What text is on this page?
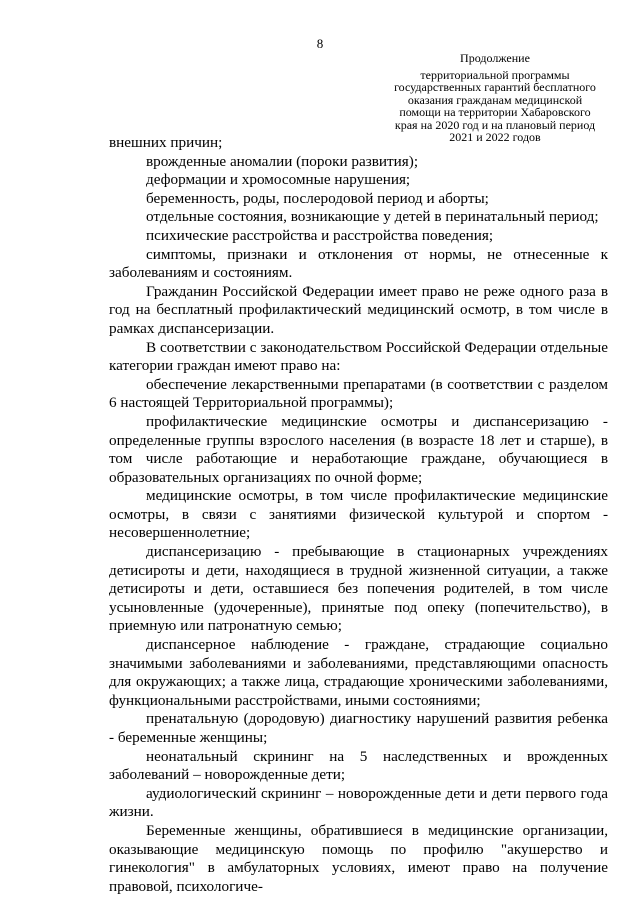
8
Продолжение
территориальной программы
государственных гарантий бесплатного
оказания гражданам медицинской
помощи на территории Хабаровского
края на 2020 год и на плановый период
2021 и 2022 годов

внешних причин;

врожденные аномалии (пороки развития);

деформации и хромосомные нарушения;

беременность, роды, послеродовой период и аборты;

отдельные состояния, возникающие у детей в перинатальный период;

психические расстройства и расстройства поведения;

симптомы, признаки и отклонения от нормы, не отнесенные к заболеваниям и состояниям.

Гражданин Российской Федерации имеет право не реже одного раза в год на бесплатный профилактический медицинский осмотр, в том числе в рамках диспансеризации.

В соответствии с законодательством Российской Федерации отдельные категории граждан имеют право на:

обеспечение лекарственными препаратами (в соответствии с разделом 6 настоящей Территориальной программы);

профилактические медицинские осмотры и диспансеризацию - определенные группы взрослого населения (в возрасте 18 лет и старше), в том числе работающие и неработающие граждане, обучающиеся в образовательных организациях по очной форме;

медицинские осмотры, в том числе профилактические медицинские осмотры, в связи с занятиями физической культурой и спортом - несовершеннолетние;

диспансеризацию - пребывающие в стационарных учреждениях детисироты и дети, находящиеся в трудной жизненной ситуации, а также детисироты и дети, оставшиеся без попечения родителей, в том числе усыновленные (удочеренные), принятые под опеку (попечительство), в приемную или патронатную семью;

диспансерное наблюдение - граждане, страдающие социально значимыми заболеваниями и заболеваниями, представляющими опасность для окружающих; а также лица, страдающие хроническими заболеваниями, функциональными расстройствами, иными состояниями;

пренатальную (дородовую) диагностику нарушений развития ребенка - беременные женщины;

неонатальный скрининг на 5 наследственных и врожденных заболеваний – новорожденные дети;

аудиологический скрининг – новорожденные дети и дети первого года жизни.

Беременные женщины, обратившиеся в медицинские организации, оказывающие медицинскую помощь по профилю "акушерство и гинекология" в амбулаторных условиях, имеют право на получение правовой, психологиче-
